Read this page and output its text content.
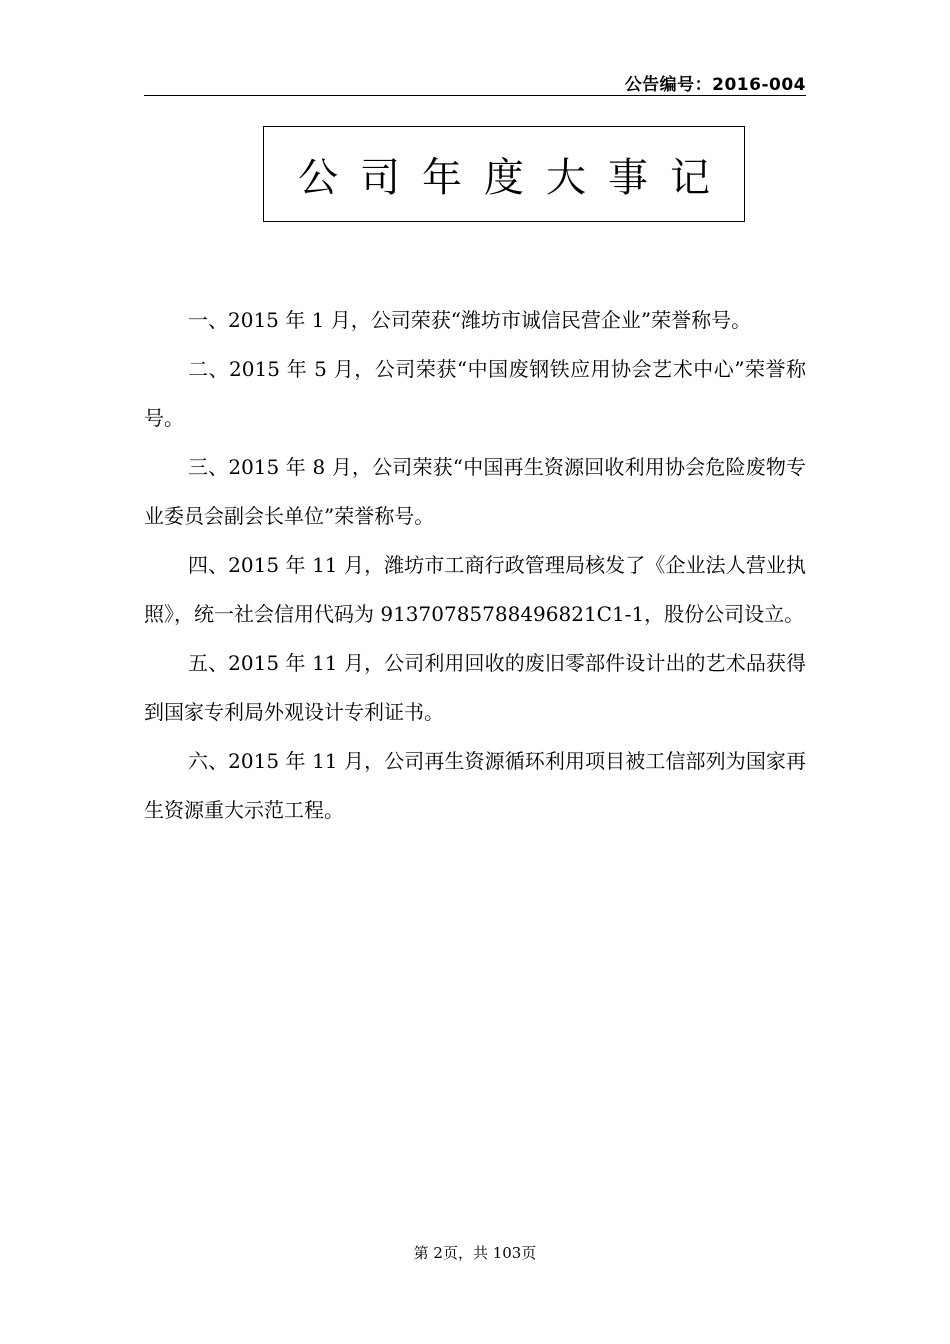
公告编号：2016-004
公司年度大事记

一、2015 年 1 月，公司荣获“潍坊市诚信民营企业”荣誉称号。

二、2015 年 5 月，公司荣获“中国废钢铁应用协会艺术中心”荣誉称号。

三、2015 年 8 月，公司荣获“中国再生资源回收利用协会危险废物专业委员会副会长单位”荣誉称号。

四、2015 年 11 月，潍坊市工商行政管理局核发了《企业法人营业执照》，统一社会信用代码为 91370785788496821C1-1，股份公司设立。

五、2015 年 11 月，公司利用回收的废旧零部件设计出的艺术品获得到国家专利局外观设计专利证书。

六、2015 年 11 月，公司再生资源循环利用项目被工信部列为国家再生资源重大示范工程。

第 2页，共 103页
